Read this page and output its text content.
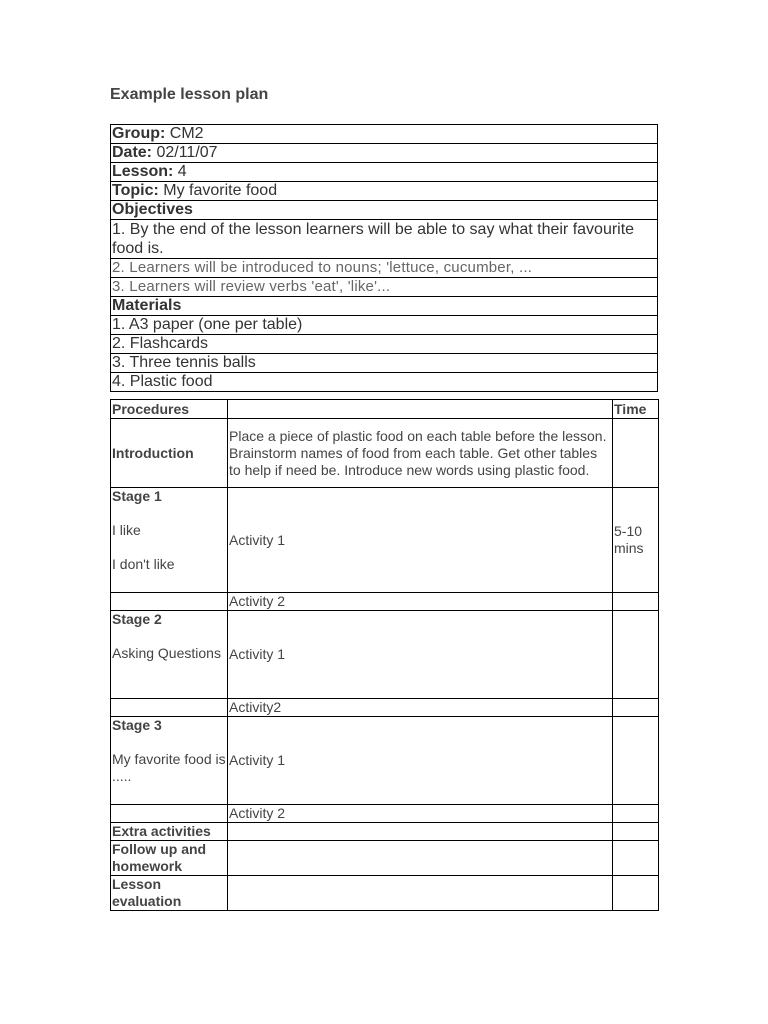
Example lesson plan
Group: CM2
Date: 02/11/07
Lesson: 4
Topic: My favorite food
Objectives
1. By the end of the lesson learners will be able to say what their favourite food is.
2. Learners will be introduced to nouns; 'lettuce, cucumber, ...
3. Learners will review verbs 'eat', 'like'...
Materials
1. A3 paper (one per table)
2. Flashcards
3. Three tennis balls
4. Plastic food
Procedures		Time
Introduction	Place a piece of plastic food on each table before the lesson. Brainstorm names of food from each table. Get other tables to help if need be. Introduce new words using plastic food.	
Stage 1
I like
I don't like	Activity 1	5-10 mins
	Activity 2	
Stage 2
Asking Questions	Activity 1	
	Activity2	
Stage 3
My favorite food is .....	Activity 1	
	Activity 2	
Extra activities		
Follow up and homework		
Lesson evaluation		
